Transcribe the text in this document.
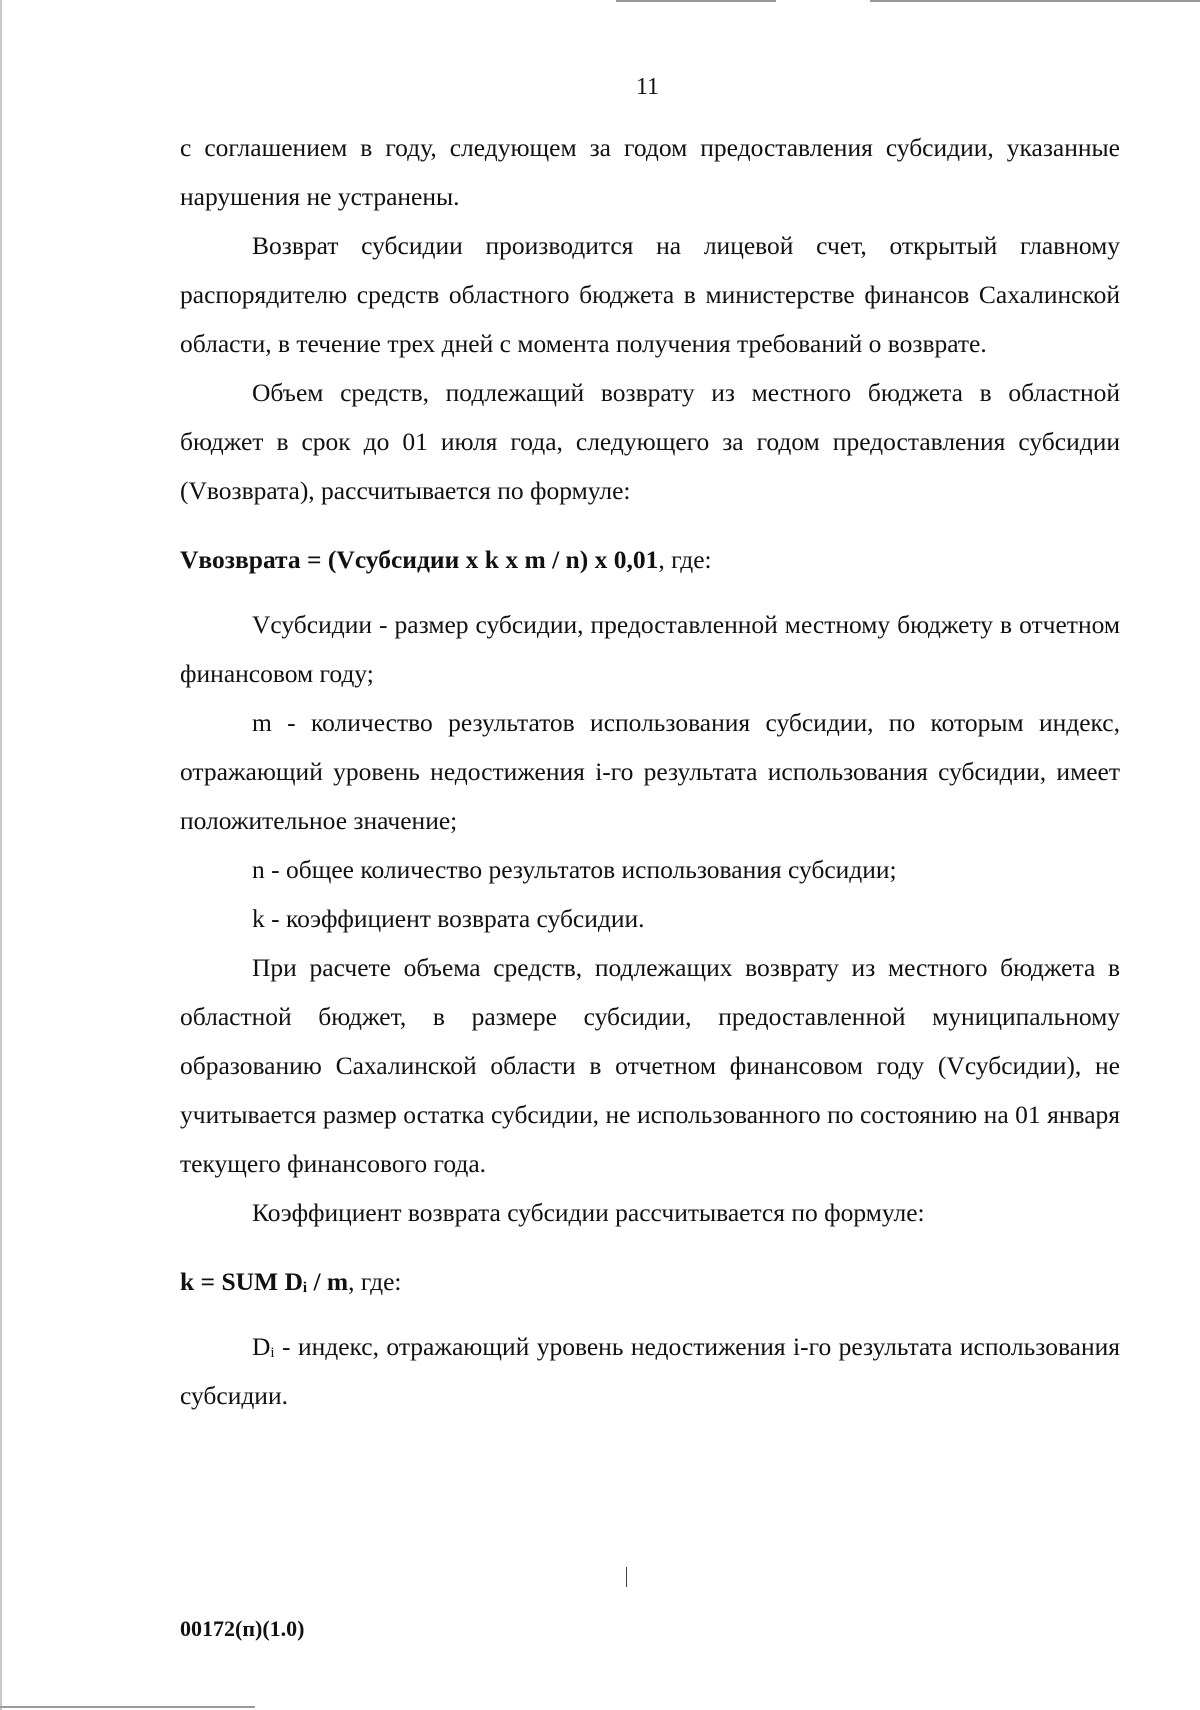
11

с соглашением в году, следующем за годом предоставления субсидии, указанные нарушения не устранены.

Возврат субсидии производится на лицевой счет, открытый главному распорядителю средств областного бюджета в министерстве финансов Сахалинской области, в течение трех дней с момента получения требований о возврате.

Объем средств, подлежащий возврату из местного бюджета в областной бюджет в срок до 01 июля года, следующего за годом предоставления субсидии (Vвозврата), рассчитывается по формуле:

Vвозврата = (Vсубсидии x k x m / n) x 0,01, где:

Vсубсидии - размер субсидии, предоставленной местному бюджету в отчетном финансовом году;

m - количество результатов использования субсидии, по которым индекс, отражающий уровень недостижения i-го результата использования субсидии, имеет положительное значение;

n - общее количество результатов использования субсидии;

k - коэффициент возврата субсидии.

При расчете объема средств, подлежащих возврату из местного бюджета в областной бюджет, в размере субсидии, предоставленной муниципальному образованию Сахалинской области в отчетном финансовом году (Vсубсидии), не учитывается размер остатка субсидии, не использованного по состоянию на 01 января текущего финансового года.

Коэффициент возврата субсидии рассчитывается по формуле:

k = SUM $D_i$ / m, где:

$D_i$ - индекс, отражающий уровень недостижения i-го результата использования субсидии.

00172(п)(1.0)
